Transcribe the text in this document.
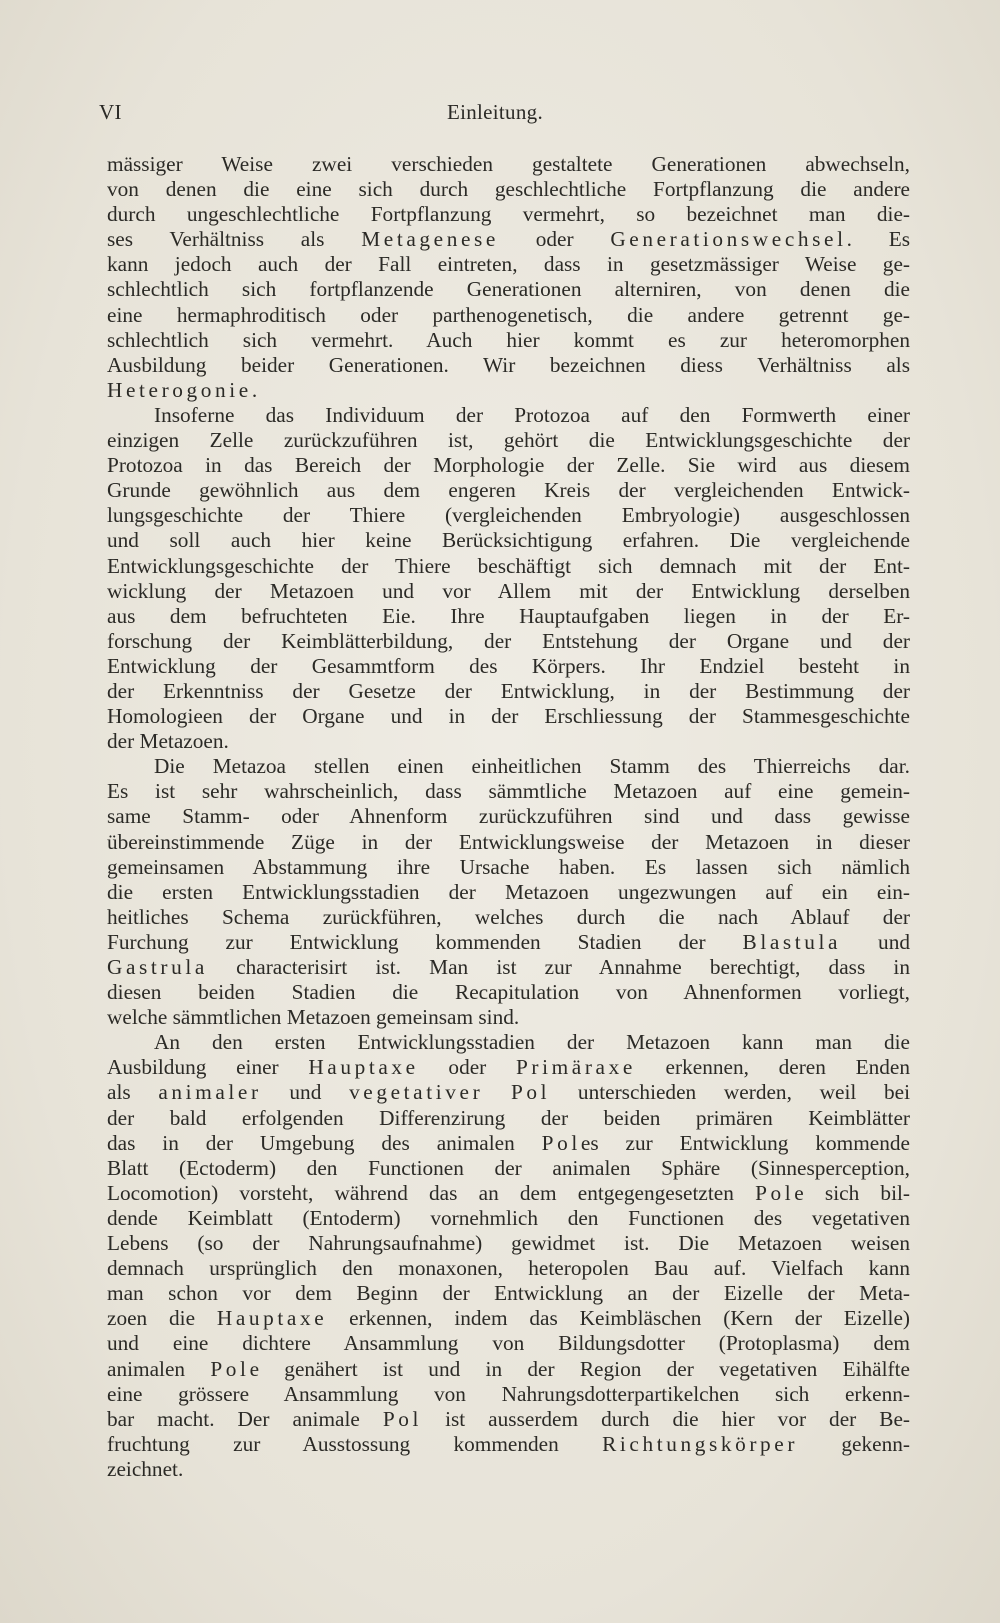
VI	Einleitung.
mässiger Weise zwei verschieden gestaltete Generationen abwechseln,
von denen die eine sich durch geschlechtliche Fortpflanzung die andere
durch ungeschlechtliche Fortpflanzung vermehrt, so bezeichnet man die-
ses Verhältniss als Metagenese oder Generationswechsel. Es
kann jedoch auch der Fall eintreten, dass in gesetzmässiger Weise ge-
schlechtlich sich fortpflanzende Generationen alterniren, von denen die
eine hermaphroditisch oder parthenogenetisch, die andere getrennt ge-
schlechtlich sich vermehrt. Auch hier kommt es zur heteromorphen
Ausbildung beider Generationen. Wir bezeichnen diess Verhältniss als
Heterogonie.
Insoferne das Individuum der Protozoa auf den Formwerth einer
einzigen Zelle zurückzuführen ist, gehört die Entwicklungsgeschichte der
Protozoa in das Bereich der Morphologie der Zelle. Sie wird aus diesem
Grunde gewöhnlich aus dem engeren Kreis der vergleichenden Entwick-
lungsgeschichte der Thiere (vergleichenden Embryologie) ausgeschlossen
und soll auch hier keine Berücksichtigung erfahren. Die vergleichende
Entwicklungsgeschichte der Thiere beschäftigt sich demnach mit der Ent-
wicklung der Metazoen und vor Allem mit der Entwicklung derselben
aus dem befruchteten Eie. Ihre Hauptaufgaben liegen in der Er-
forschung der Keimblätterbildung, der Entstehung der Organe und der
Entwicklung der Gesammtform des Körpers. Ihr Endziel besteht in
der Erkenntniss der Gesetze der Entwicklung, in der Bestimmung der
Homologieen der Organe und in der Erschliessung der Stammesgeschichte
der Metazoen.
Die Metazoa stellen einen einheitlichen Stamm des Thierreichs dar.
Es ist sehr wahrscheinlich, dass sämmtliche Metazoen auf eine gemein-
same Stamm- oder Ahnenform zurückzuführen sind und dass gewisse
übereinstimmende Züge in der Entwicklungsweise der Metazoen in dieser
gemeinsamen Abstammung ihre Ursache haben. Es lassen sich nämlich
die ersten Entwicklungsstadien der Metazoen ungezwungen auf ein ein-
heitliches Schema zurückführen, welches durch die nach Ablauf der
Furchung zur Entwicklung kommenden Stadien der Blastula und
Gastrula characterisirt ist. Man ist zur Annahme berechtigt, dass in
diesen beiden Stadien die Recapitulation von Ahnenformen vorliegt,
welche sämmtlichen Metazoen gemeinsam sind.
An den ersten Entwicklungsstadien der Metazoen kann man die
Ausbildung einer Hauptaxe oder Primäraxe erkennen, deren Enden
als animaler und vegetativer Pol unterschieden werden, weil bei
der bald erfolgenden Differenzirung der beiden primären Keimblätter
das in der Umgebung des animalen Poles zur Entwicklung kommende
Blatt (Ectoderm) den Functionen der animalen Sphäre (Sinnesperception,
Locomotion) vorsteht, während das an dem entgegengesetzten Pole sich bil-
dende Keimblatt (Entoderm) vornehmlich den Functionen des vegetativen
Lebens (so der Nahrungsaufnahme) gewidmet ist. Die Metazoen weisen
demnach ursprünglich den monaxonen, heteropolen Bau auf. Vielfach kann
man schon vor dem Beginn der Entwicklung an der Eizelle der Meta-
zoen die Hauptaxe erkennen, indem das Keimbläschen (Kern der Eizelle)
und eine dichtere Ansammlung von Bildungsdotter (Protoplasma) dem
animalen Pole genähert ist und in der Region der vegetativen Eihälfte
eine grössere Ansammlung von Nahrungsdotterpartikelchen sich erkenn-
bar macht. Der animale Pol ist ausserdem durch die hier vor der Be-
fruchtung zur Ausstossung kommenden Richtungskörper gekenn-
zeichnet.
